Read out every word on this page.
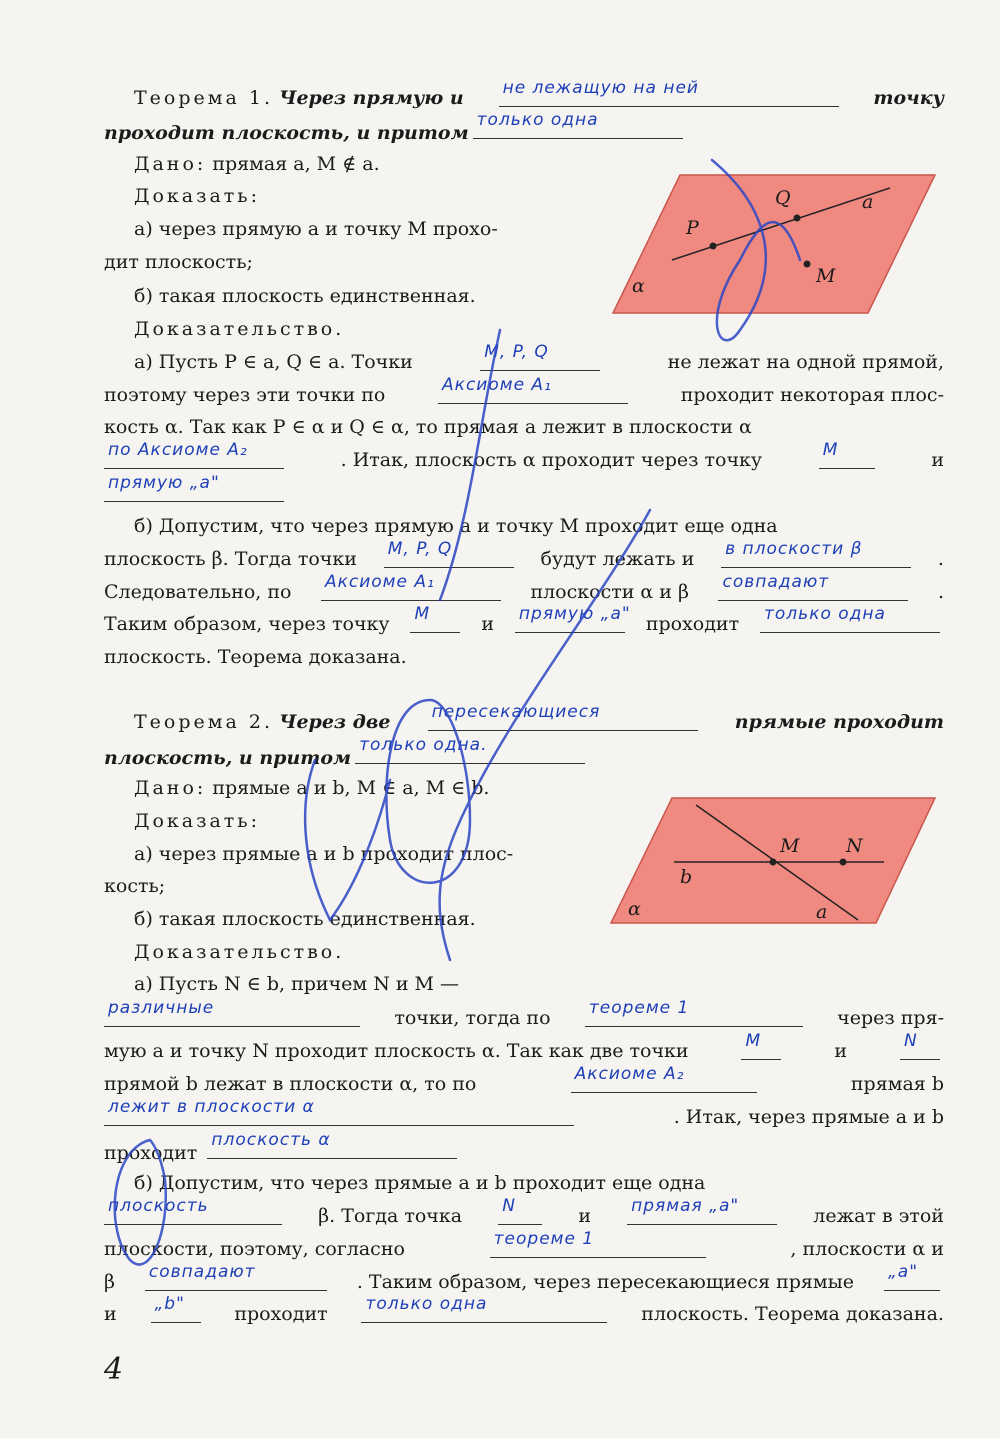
Теорема 1. Через прямую и не лежащую на ней	точку
проходит плоскость, и притом
только одна
Дано: прямая a, M ∉ a.
Доказать:
а) через прямую a и точку M прохо-
дит плоскость;
б) такая плоскость единственная.
Доказательство.
а) Пусть P ∈ a, Q ∈ a. Точки	M, P, Q	не лежат на одной прямой,
поэтому через эти точки по	Аксиоме A₁	проходит некоторая плос-
кость α. Так как P ∈ α и Q ∈ α, то прямая a лежит в плоскости α
по Аксиоме A₂	. Итак, плоскость α проходит через точку	M	и
прямую „a"
б) Допустим, что через прямую a и точку M проходит еще одна
плоскость β. Тогда точки M, P, Q	будут лежать и в плоскости β	.
Следовательно, по Аксиоме A₁	плоскости α и β совпадают	.
Таким образом, через точку M	и прямую „a" проходит только одна
плоскость. Теорема доказана.
P
Q	a
M
α
Теорема 2. Через две пересекающиеся	прямые проходит
плоскость, и притом
только одна.
Дано: прямые a и b, M ∈ a, M ∈ b.
Доказать:
а) через прямые a и b проходит плос-
кость;
б) такая плоскость единственная.
Доказательство.
а) Пусть N ∈ b, причем N и M —
различные	точки, тогда по теореме 1	через пря-
мую a и точку N проходит плоскость α. Так как две точки	M	и	N
прямой b лежат в плоскости α, то по	Аксиоме A₂	прямая b
лежит в плоскости α	. Итак, через прямые a и b
проходит
плоскость α
б) Допустим, что через прямые a и b проходит еще одна
плоскость	β. Тогда точка N	и прямая „a"	лежат в этой
плоскости, поэтому, согласно	теореме 1	, плоскости α и
β совпадают	. Таким образом, через пересекающиеся прямые „a"
и „b"	проходит только одна	плоскость. Теорема доказана.
M N
b
a
α
4
